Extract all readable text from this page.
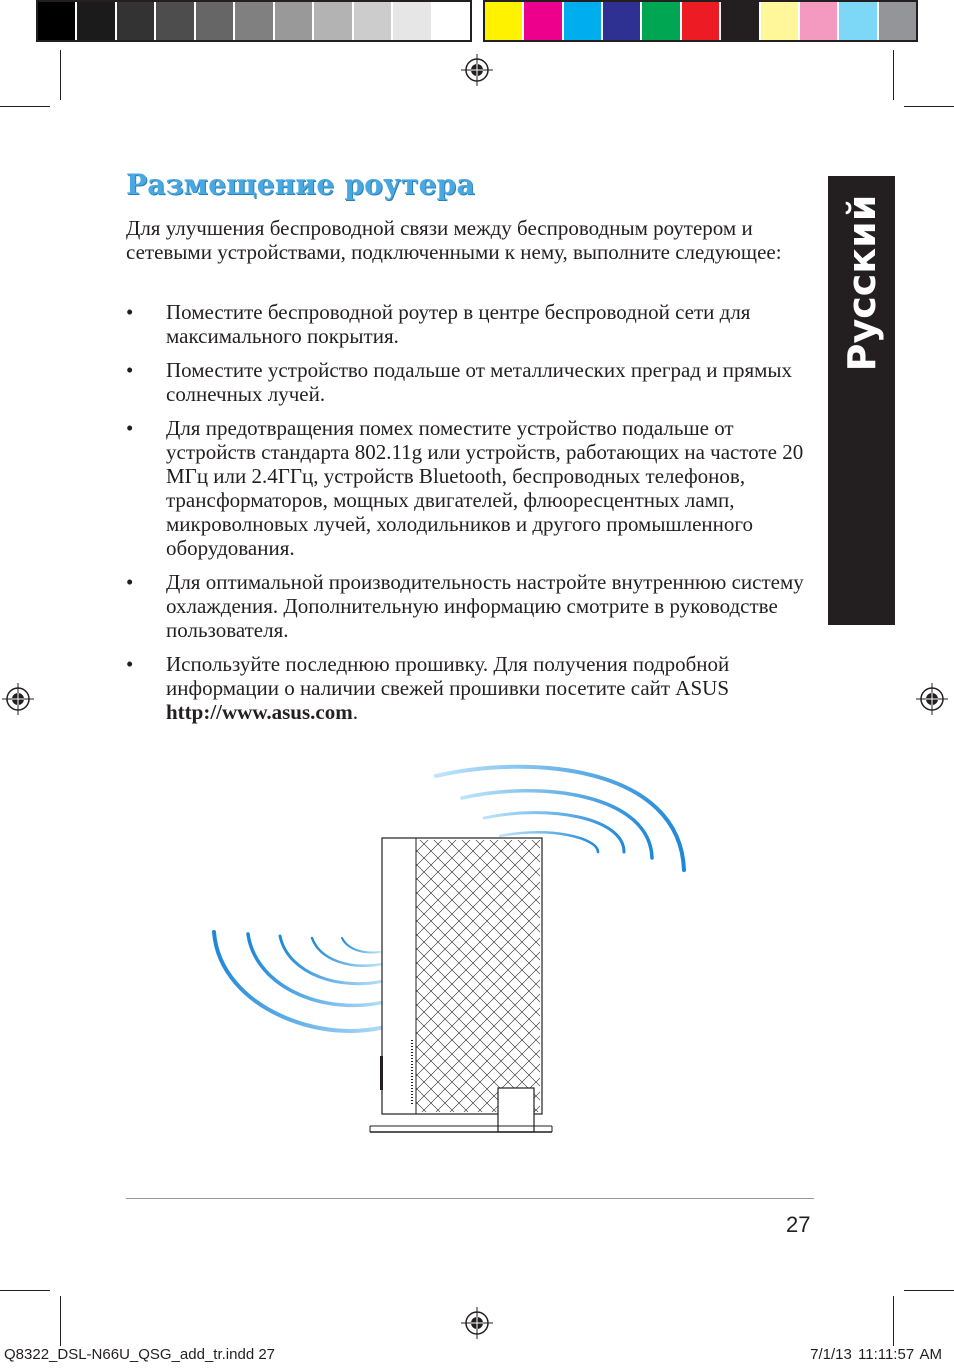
Русский
Размещение роутера

Для улучшения беспроводной связи между беспроводным роутером и сетевыми устройствами, подключенными к нему, выполните следующее:

• Поместите беспроводной роутер в центре беспроводной сети для максимального покрытия.
• Поместите устройство подальше от металлических преград и прямых солнечных лучей.
• Для предотвращения помех поместите устройство подальше от устройств стандарта 802.11g или устройств, работающих на частоте 20 МГц или 2.4ГГц, устройств Bluetooth, беспроводных телефонов, трансформаторов, мощных двигателей, флюоресцентных ламп, микроволновых лучей, холодильников и другого промышленного оборудования.
• Для оптимальной производительность настройте внутреннюю систему охлаждения. Дополнительную информацию смотрите в руководстве пользователя.
• Используйте последнюю прошивку. Для получения подробной информации о наличии свежей прошивки посетите сайт ASUS http://www.asus.com.
27
Q8322_DSL-N66U_QSG_add_tr.indd 27	7/1/13 11:11:57 AM
